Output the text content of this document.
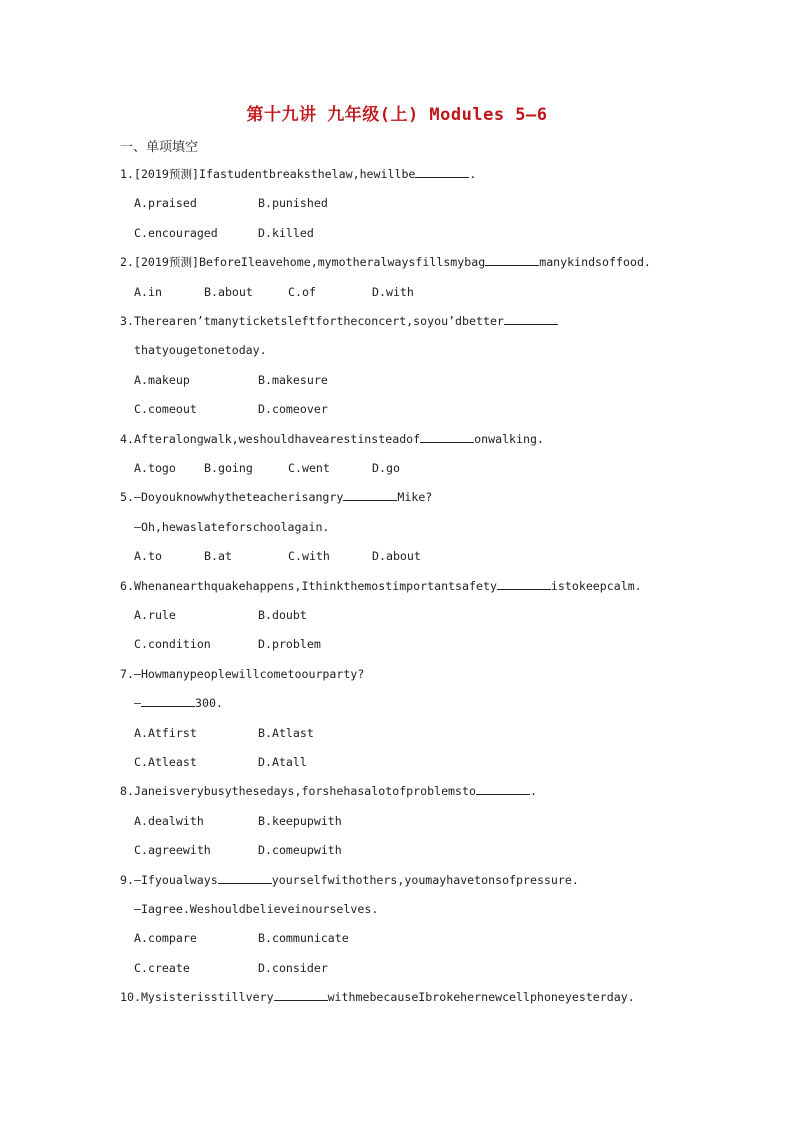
第十九讲 九年级(上) Modules 5—6
一、单项填空
1.[2019预测]Ifastudentbreaksthelaw,hewillbe	.
A.praised	B.punished
C.encouraged	D.killed
2.[2019预测]BeforeIleavehome,mymotheralwaysfillsmybag	manykindsoffood.
A.in	B.about	C.of	D.with
3.Therearen’tmanyticketsleftfortheconcert,soyou’dbetter
thatyougetonetoday.
A.makeup	B.makesure
C.comeout	D.comeover
4.Afteralongwalk,weshouldhavearestinsteadof	onwalking.
A.togo B.going	C.went	D.go
5.—Doyouknowwhytheteacherisangry	Mike?
—Oh,hewaslateforschoolagain.
A.to	B.at	C.with	D.about
6.Whenanearthquakehappens,Ithinkthemostimportantsafety	istokeepcalm.
A.rule	B.doubt
C.condition	D.problem
7.—Howmanypeoplewillcometoourparty?
—	300.
A.Atfirst	B.Atlast
C.Atleast	D.Atall
8.Janeisverybusythesedays,forshehasalotofproblemsto	.
A.dealwith	B.keepupwith
C.agreewith	D.comeupwith
9.—Ifyoualways	yourselfwithothers,youmayhavetonsofpressure.
—Iagree.Weshouldbelieveinourselves.
A.compare	B.communicate
C.create	D.consider
10.Mysisterisstillvery	withmebecauseIbrokehernewcellphoneyesterday.
